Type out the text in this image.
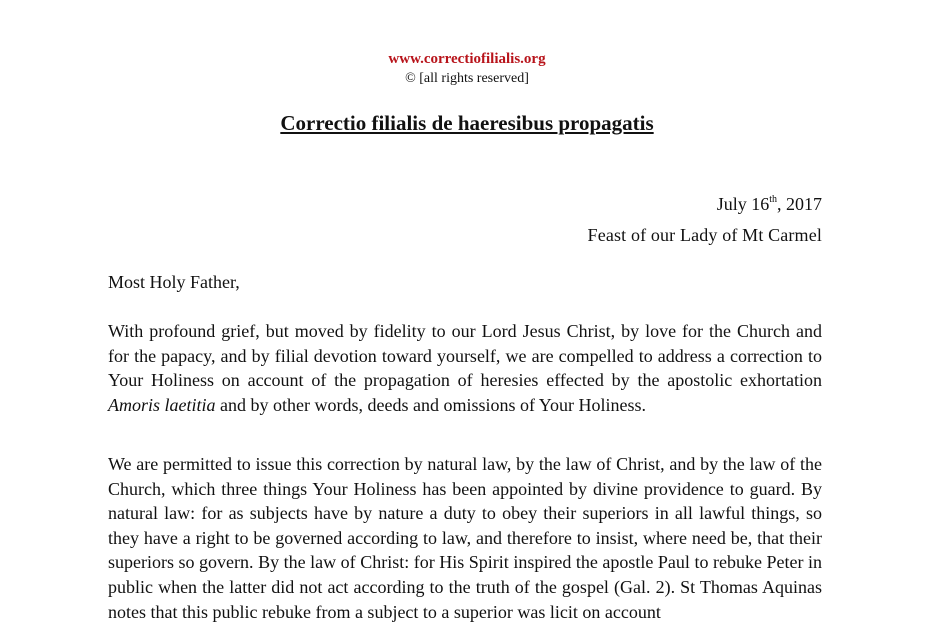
www.correctiofilialis.org
© [all rights reserved]
Correctio filialis de haeresibus propagatis
July 16th, 2017
Feast of our Lady of Mt Carmel
Most Holy Father,

With profound grief, but moved by fidelity to our Lord Jesus Christ, by love for the Church and for the papacy, and by filial devotion toward yourself, we are compelled to address a correction to Your Holiness on account of the propagation of heresies effected by the apostolic exhortation Amoris laetitia and by other words, deeds and omissions of Your Holiness.

We are permitted to issue this correction by natural law, by the law of Christ, and by the law of the Church, which three things Your Holiness has been appointed by divine providence to guard. By natural law: for as subjects have by nature a duty to obey their superiors in all lawful things, so they have a right to be governed according to law, and therefore to insist, where need be, that their superiors so govern. By the law of Christ: for His Spirit inspired the apostle Paul to rebuke Peter in public when the latter did not act according to the truth of the gospel (Gal. 2). St Thomas Aquinas notes that this public rebuke from a subject to a superior was licit on account
